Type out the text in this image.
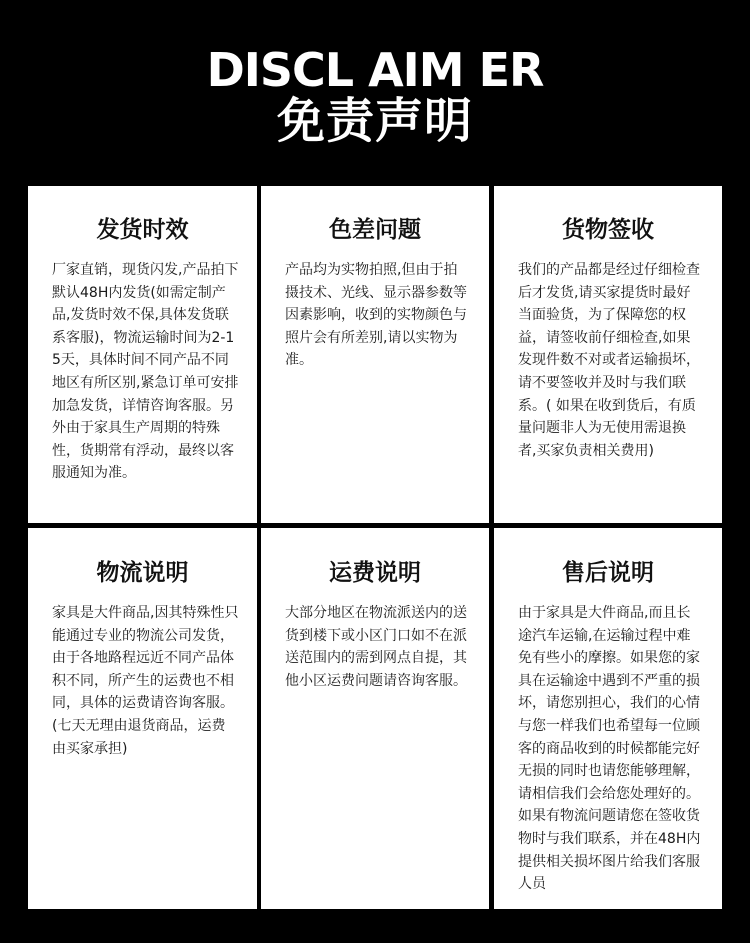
DISCL AIM ER
免责声明
发货时效
厂家直销，现货闪发,产品拍下默认48H内发货(如需定制产品,发货时效不保,具体发货联系客服)，物流运输时间为2-15天，具体时间不同产品不同地区有所区别,紧急订单可安排加急发货，详情咨询客服。另外由于家具生产周期的特殊性，货期常有浮动，最终以客服通知为准。
色差问题
产品均为实物拍照,但由于拍摄技术、光线、显示器参数等因素影响，收到的实物颜色与照片会有所差别,请以实物为准。
货物签收
我们的产品都是经过仔细检查后才发货,请买家提货时最好当面验货，为了保障您的权益，请签收前仔细检查,如果发现件数不对或者运输损坏，请不要签收并及时与我们联系。( 如果在收到货后，有质量问题非人为无使用需退换者,买家负责相关费用)
物流说明
家具是大件商品,因其特殊性只能通过专业的物流公司发货，由于各地路程远近不同产品体积不同，所产生的运费也不相同，具体的运费请咨询客服。(七天无理由退货商品，运费由买家承担)
运费说明
大部分地区在物流派送内的送货到楼下或小区门口如不在派送范围内的需到网点自提，其他小区运费问题请咨询客服。
售后说明
由于家具是大件商品,而且长途汽车运输,在运输过程中难免有些小的摩擦。如果您的家具在运输途中遇到不严重的损坏，请您别担心，我们的心情与您一样我们也希望每一位顾客的商品收到的时候都能完好无损的同时也请您能够理解，请相信我们会给您处理好的。如果有物流问题请您在签收货物时与我们联系，并在48H内提供相关损坏图片给我们客服人员
